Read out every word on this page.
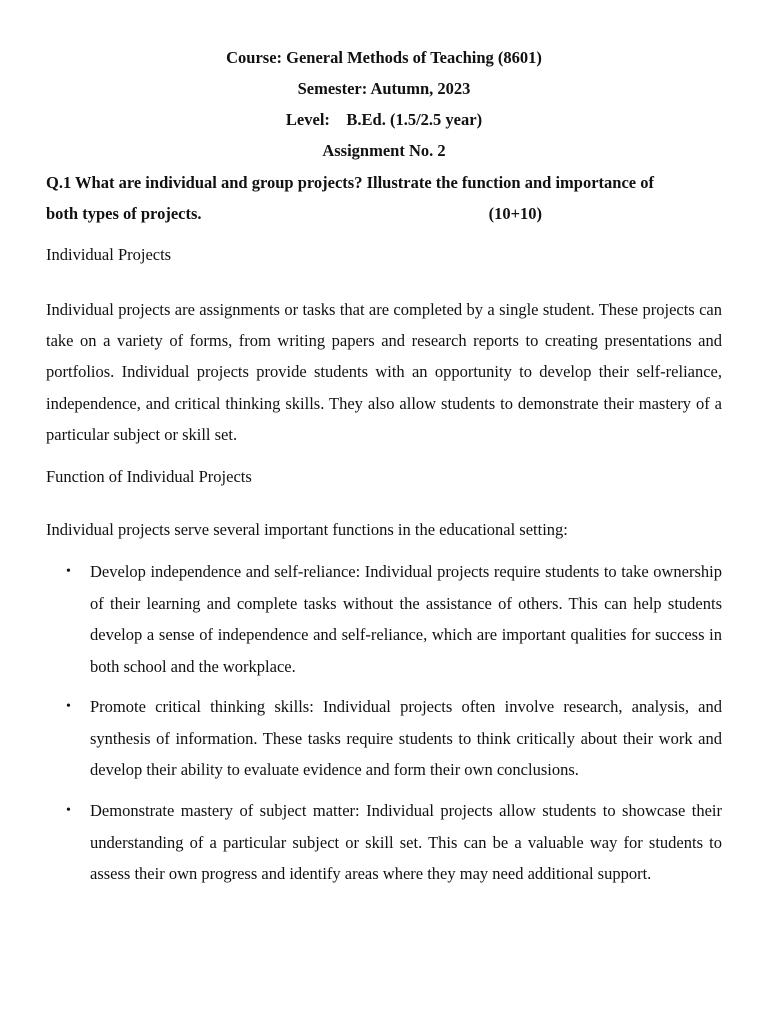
Course: General Methods of Teaching (8601)
Semester: Autumn, 2023
Level:    B.Ed. (1.5/2.5 year)
Assignment No. 2
Q.1 What are individual and group projects? Illustrate the function and importance of
both types of projects.	(10+10)
Individual Projects
Individual projects are assignments or tasks that are completed by a single student. These projects can take on a variety of forms, from writing papers and research reports to creating presentations and portfolios. Individual projects provide students with an opportunity to develop their self-reliance, independence, and critical thinking skills. They also allow students to demonstrate their mastery of a particular subject or skill set.
Function of Individual Projects
Individual projects serve several important functions in the educational setting:
• Develop independence and self-reliance: Individual projects require students to take ownership of their learning and complete tasks without the assistance of others. This can help students develop a sense of independence and self-reliance, which are important qualities for success in both school and the workplace.
• Promote critical thinking skills: Individual projects often involve research, analysis, and synthesis of information. These tasks require students to think critically about their work and develop their ability to evaluate evidence and form their own conclusions.
• Demonstrate mastery of subject matter: Individual projects allow students to showcase their understanding of a particular subject or skill set. This can be a valuable way for students to assess their own progress and identify areas where they may need additional support.
